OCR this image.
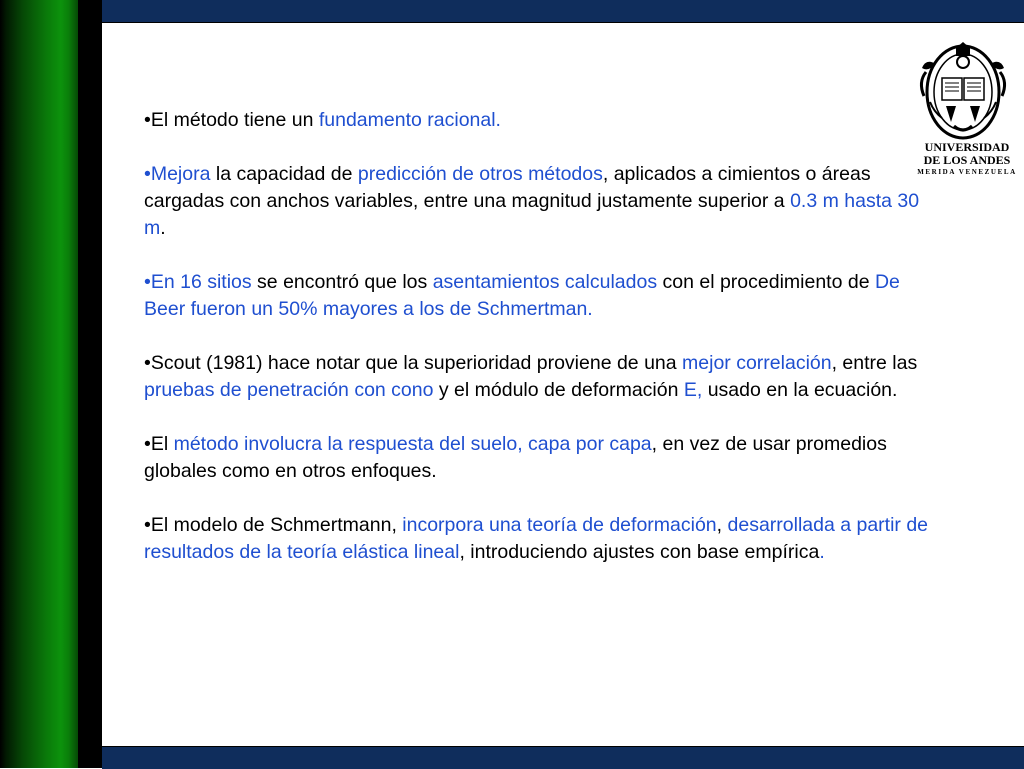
•El método tiene un fundamento racional.

•Mejora la capacidad de predicción de otros métodos, aplicados a cimientos o áreas cargadas con anchos variables, entre una magnitud justamente superior a 0.3 m hasta 30 m.

•En 16 sitios se encontró que los asentamientos calculados con el procedimiento de De Beer fueron un 50% mayores a los de Schmertman.

•Scout (1981) hace notar que la superioridad proviene de una mejor correlación, entre las pruebas de penetración con cono y el módulo de deformación E, usado en la ecuación.

•El método involucra la respuesta del suelo, capa por capa, en vez de usar promedios globales como en otros enfoques.

•El modelo de Schmertmann, incorpora una teoría de deformación, desarrollada a partir de resultados de la teoría elástica lineal, introduciendo ajustes con base empírica.

UNIVERSIDAD
DE LOS ANDES
MERIDA VENEZUELA
